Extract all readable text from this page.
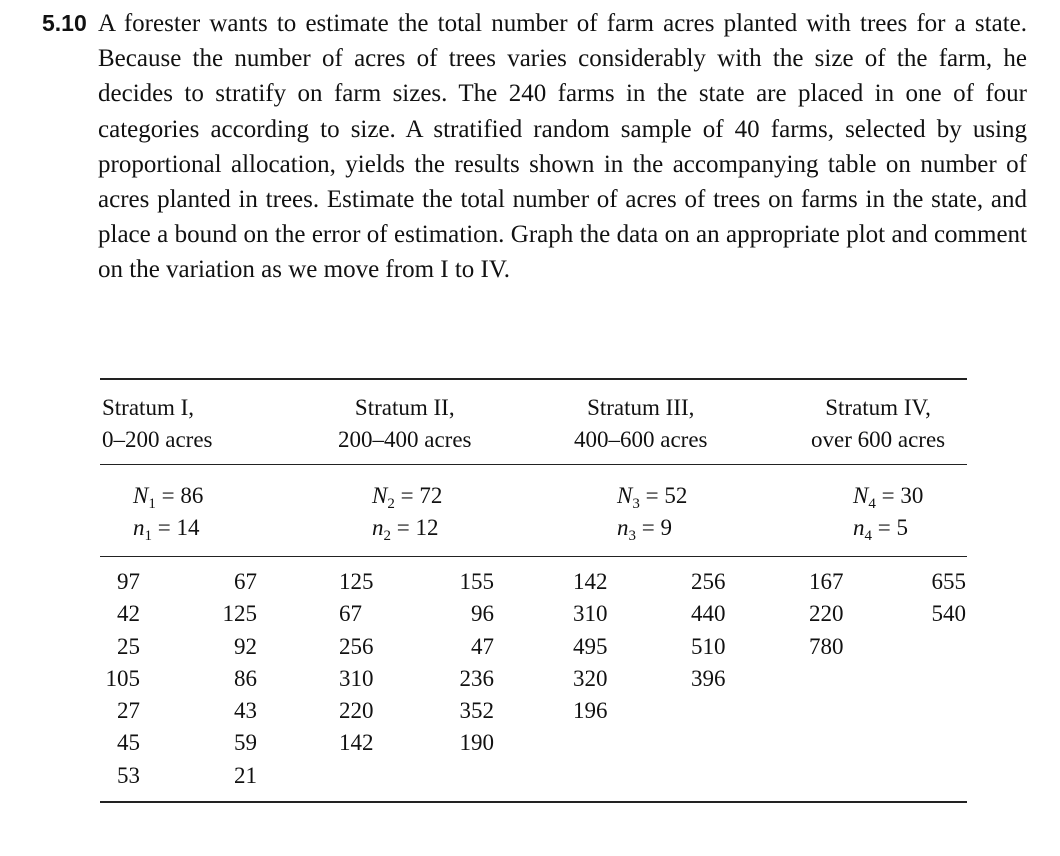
5.10 A forester wants to estimate the total number of farm acres planted with trees for a state. Because the number of acres of trees varies considerably with the size of the farm, he decides to stratify on farm sizes. The 240 farms in the state are placed in one of four categories according to size. A stratified random sample of 40 farms, selected by using proportional allocation, yields the results shown in the accompanying table on number of acres planted in trees. Estimate the total number of acres of trees on farms in the state, and place a bound on the error of estimation. Graph the data on an appropriate plot and comment on the variation as we move from I to IV.
Stratum I,
0–200 acres
Stratum II,
200–400 acres
Stratum III,
400–600 acres
Stratum IV,
over 600 acres
$N_1 = 86$
$n_1 = 14$
$N_2 = 72$
$n_2 = 12$
$N_3 = 52$
$n_3 = 9$
$N_4 = 30$
$n_4 = 5$
97
42
25
105
27
45
53
67
125
92
86
43
59
21
125
67
256
310
220
142
155
96
47
236
352
190
142
310
495
320
196
256
440
510
396
167
220
780
655
540
